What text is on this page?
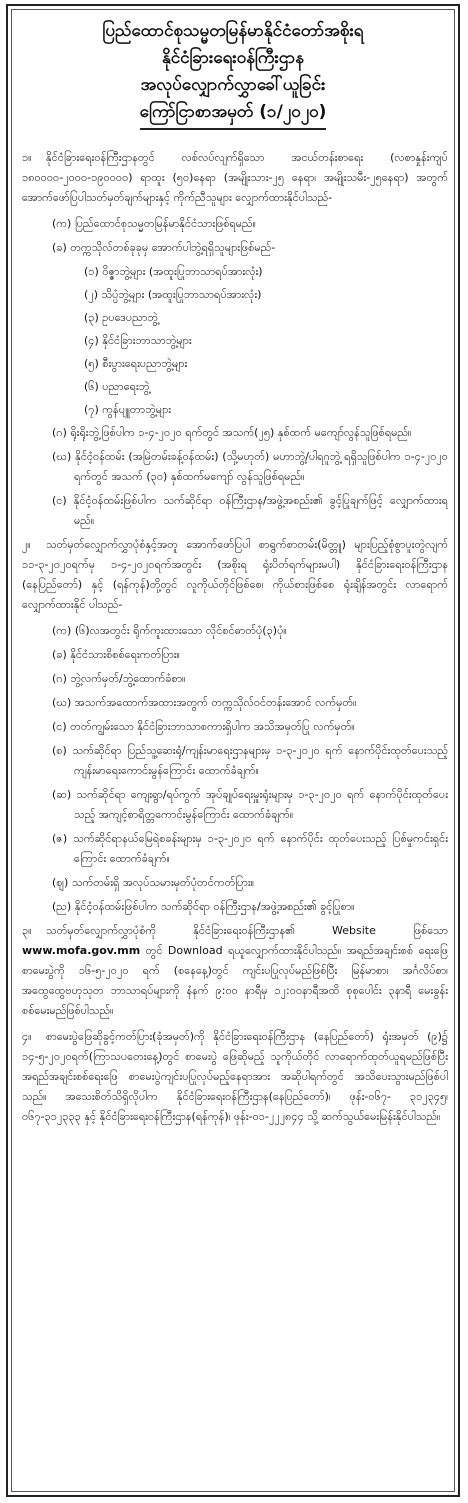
ပြည်ထောင်စုသမ္မတမြန်မာနိုင်ငံတော်အစိုးရ
နိုင်ငံခြားရေးဝန်ကြီးဌာန
အလုပ်လျှောက်လွှာခေါ်ယူခြင်း
ကြော်ငြာစာအမှတ် (၁/၂၀၂၀)

၁။ နိုင်ငံခြားရေးဝန်ကြီးဌာနတွင် လစ်လပ်လျက်ရှိသော အငယ်တန်းစာရေး (လစာနှုန်းကျပ် ၁၈၀၀၀၀-၂၀၀၀-၁၉၀၀၀၀) ရာထူး (၅၀)နေရာ (အမျိုးသား-၂၅ နေရာ၊ အမျိုးသမီး-၂၅နေရာ) အတွက် အောက်ဖော်ပြပါသတ်မှတ်ချက်များနှင့် ကိုက်ညီသူများ လျှောက်ထားနိုင်ပါသည်-

(က) ပြည်ထောင်စုသမ္မတမြန်မာနိုင်ငံသားဖြစ်ရမည်။

(ခ) တက္ကသိုလ်တစ်ခုခုမှ အောက်ပါဘွဲ့ရရှိသူများဖြစ်မည်-

(၁) ဝိဇ္ဇာဘွဲ့များ (အထူးပြုဘာသာရပ်အားလုံး)

(၂) သိပ္ပံဘွဲ့များ (အထူးပြုဘာသာရပ်အားလုံး)

(၃) ဥပဒေပညာဘွဲ့

(၄) နိုင်ငံခြားဘာသာဘွဲ့များ

(၅) စီးပွားရေးပညာဘွဲ့များ

(၆) ပညာရေးဘွဲ့

(၇) ကွန်ပျူတာဘွဲ့များ

(ဂ) ရိုးရိုးဘွဲ့ဖြစ်ပါက ၁-၄-၂၀၂၀ ရက်တွင် အသက်(၂၅) နှစ်ထက် မကျော်လွန်သူဖြစ်ရမည်။

(ဃ) နိုင်ငံ့ဝန်ထမ်း (အမြဲတမ်းခန့်ဝန်ထမ်း) (သို့မဟုတ်) မဟာဘွဲ့/ပါရဂူဘွဲ့ ရရှိသူဖြစ်ပါက ၁-၄-၂၀၂၀ ရက်တွင် အသက် (၃၀) နှစ်ထက်မကျော် လွန်သူဖြစ်ရမည်။

(င) နိုင်ငံ့ဝန်ထမ်းဖြစ်ပါက သက်ဆိုင်ရာ ဝန်ကြီးဌာန/အဖွဲ့အစည်း၏ ခွင့်ပြုချက်ဖြင့် လျှောက်ထားရမည်။

၂။ သတ်မှတ်လျှောက်လွှာပုံစံနှင့်အတူ အောက်ဖော်ပြပါ စာရွက်စာတမ်း(မိတ္တူ) များပြည့်စုံစွာပူးတွဲလျက် ၁၁-၃-၂၀၂၀ရက်မှ ၁-၄-၂၀၂၀ရက်အတွင်း (အစိုးရ ရုံးပိတ်ရက်များမပါ) နိုင်ငံခြားရေးဝန်ကြီးဌာန (နေပြည်တော်) နှင့် (ရန်ကုန်)တို့တွင် လူကိုယ်တိုင်ဖြစ်စေ၊ ကိုယ်စားဖြစ်စေ ရုံးချိန်အတွင်း လာရောက်လျှောက်ထားနိုင် ပါသည်-

(က) (၆)လအတွင်း ရိုက်ကူးထားသော လိုင်စင်ဓာတ်ပုံ(၃)ပုံ။

(ခ) နိုင်ငံသားစိစစ်ရေးကတ်ပြား။

(ဂ) ဘွဲ့လက်မှတ်/ဘွဲ့ထောက်ခံစာ။

(ဃ) အသက်အထောက်အထားအတွက် တက္ကသိုလ်ဝင်တန်းအောင် လက်မှတ်။

(င) တတ်ကျွမ်းသော နိုင်ငံခြားဘာသာစကားရှိပါက အသိအမှတ်ပြု လက်မှတ်။

(စ) သက်ဆိုင်ရာ ပြည်သူ့ဆေးရုံ/ကျန်းမာရေးဌာနများမှ ၁-၃-၂၀၂၀ ရက် နောက်ပိုင်းထုတ်ပေးသည့် ကျန်းမာရေးကောင်းမွန်ကြောင်း ထောက်ခံချက်။

(ဆ) သက်ဆိုင်ရာ ကျေးရွာ/ရပ်ကွက် အုပ်ချုပ်ရေးမှူးရုံးများမှ ၁-၃-၂၀၂၀ ရက် နောက်ပိုင်းထုတ်ပေးသည့် အကျင့်စာရိတ္တကောင်းမွန်ကြောင်း ထောက်ခံချက်။

(ဇ) သက်ဆိုင်ရာနယ်မြေရဲစခန်းများမှ ၁-၃-၂၀၂၀ ရက် နောက်ပိုင်း ထုတ်ပေးသည့် ပြစ်မှုကင်းရှင်းကြောင်း ထောက်ခံချက်။

(ဈ) သက်တမ်းရှိ အလုပ်သမားမှတ်ပုံတင်ကတ်ပြား။

(ည) နိုင်ငံ့ဝန်ထမ်းဖြစ်ပါက သက်ဆိုင်ရာ ဝန်ကြီးဌာန/အဖွဲ့အစည်း၏ ခွင့်ပြုစာ။

၃။ သတ်မှတ်လျှောက်လွှာပုံစံကို နိုင်ငံခြားရေးဝန်ကြီးဌာန၏ Website ဖြစ်သော www.mofa.gov.mm တွင် Download ရယူလျှောက်ထားနိုင်ပါသည်။ အရည်အချင်းစစ် ရေးဖြေစာမေးပွဲကို ၁၆-၅-၂၀၂၀ ရက် (စနေနေ့)တွင် ကျင်းပပြုလုပ်မည်ဖြစ်ပြီး မြန်မာစာ၊ အင်္ဂလိပ်စာ၊ အထွေထွေဗဟုသုတ ဘာသာရပ်များကို နံနက် ၉:၀၀ နာရီမှ ၁၂:၀၀နာရီအထိ စုစုပေါင်း ၃နာရီ မေးခွန်းစစ်မေးမည်ဖြစ်ပါသည်။

၄။ စာမေးပွဲဖြေဆိုခွင့်ကတ်ပြား(ခုံအမှတ်)ကို နိုင်ငံခြားရေးဝန်ကြီးဌာန (နေပြည်တော်) ရုံးအမှတ် (၉)၌ ၁၄-၅-၂၀၂၀ရက်(ကြာသပတေးနေ့)တွင် စာမေးပွဲ ဖြေဆိုမည့် သူကိုယ်တိုင် လာရောက်ထုတ်ယူရမည်ဖြစ်ပြီး အရည်အချင်းစစ်ရေးဖြေ စာမေးပွဲကျင်းပပြုလုပ်မည့်နေရာအား အဆိုပါရက်တွင် အသိပေးသွားမည်ဖြစ်ပါ သည်။ အသေးစိတ်သိရှိလိုပါက နိုင်ငံခြားရေးဝန်ကြီးဌာန(နေပြည်တော်)၊ ဖုန်း-၀၆၇- ၃၁၂၃၄၅၊ ၀၆၇-၃၁၂၃၃၃ နှင့် နိုင်ငံခြားရေးဝန်ကြီးဌာန(ရန်ကုန်)၊ ဖုန်း-၀၁-၂၂၂၈၄၄ သို့ ဆက်သွယ်မေးမြန်းနိုင်ပါသည်။
